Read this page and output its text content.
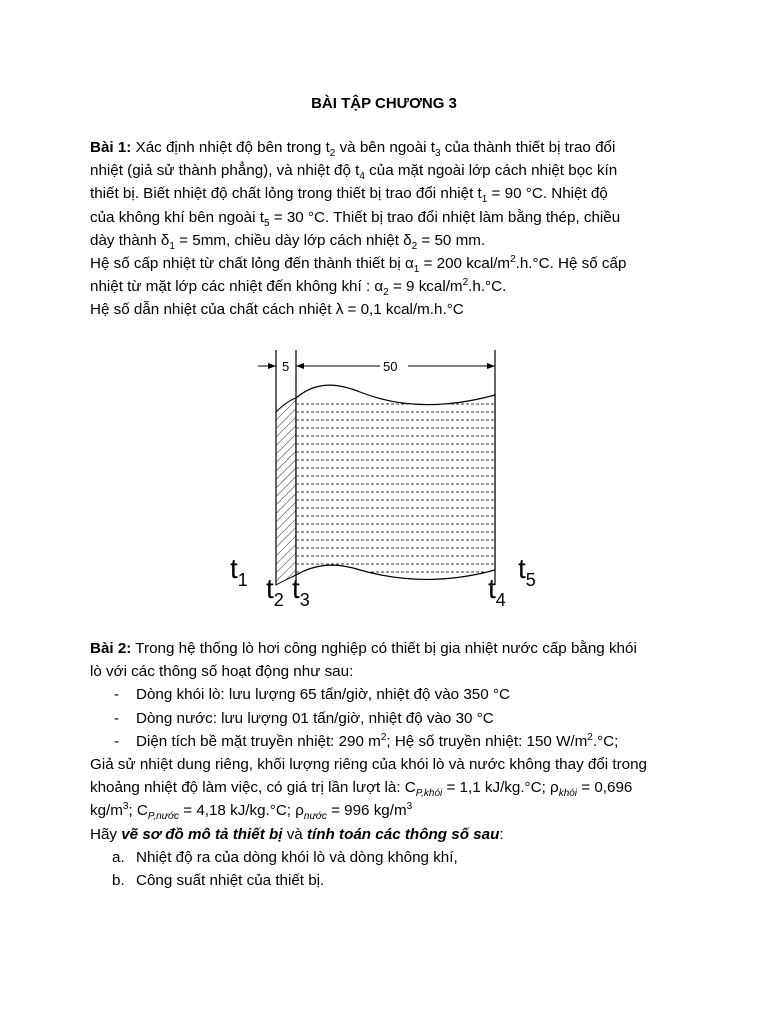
BÀI TẬP CHƯƠNG 3
Bài 1: Xác định nhiệt độ bên trong $t_2$ và bên ngoài $t_3$ của thành thiết bị trao đổi
nhiệt (giả sử thành phẳng), và nhiệt độ $t_4$ của mặt ngoài lớp cách nhiệt bọc kín
thiết bị. Biết nhiệt độ chất lỏng trong thiết bị trao đổi nhiệt $t_1 = 90$ °C. Nhiệt độ
của không khí bên ngoài $t_5 = 30$ °C. Thiết bị trao đổi nhiệt làm bằng thép, chiều
dày thành $\delta_1 = 5mm$, chiều dày lớp cách nhiệt $\delta_2 = 50$ mm.
Hệ số cấp nhiệt từ chất lỏng đến thành thiết bị $\alpha_1 = 200$ kcal/$m^2.h.^\circ C$. Hệ số cấp
nhiệt từ mặt lớp các nhiệt đến không khí : $\alpha_2 = 9$ kcal/$m^2.h.^\circ C$.
Hệ số dẫn nhiệt của chất cách nhiệt λ = 0,1 kcal/m.h.°C
5	50
$t_1$ $t_2$ $t_3$	$t_4$
$t_5$
Bài 2: Trong hệ thống lò hơi công nghiệp có thiết bị gia nhiệt nước cấp bằng khói
lò với các thông số hoạt động như sau:
- Dòng khói lò: lưu lượng 65 tấn/giờ, nhiệt độ vào 350 °C
- Dòng nước: lưu lượng 01 tấn/giờ, nhiệt độ vào 30 °C
- Diện tích bề mặt truyền nhiệt: 290 $m^2$; Hệ số truyền nhiệt: 150 $W/m^2.^\circ C$;
Giả sử nhiệt dung riêng, khối lượng riêng của khói lò và nước không thay đổi trong
khoảng nhiệt độ làm việc, có giá trị lần lượt là: $C_{P,khói} = 1,1$ kJ/kg.°C; $\rho_{khói} = 0,696$
$kg/m^3$; $C_{P,nước} = 4,18$ kJ/kg.°C; $\rho_{nước} = 996$ $kg/m^3$
Hãy vẽ sơ đồ mô tả thiết bị và tính toán các thông số sau:
a. Nhiệt độ ra của dòng khói lò và dòng không khí,
b. Công suất nhiệt của thiết bị.
